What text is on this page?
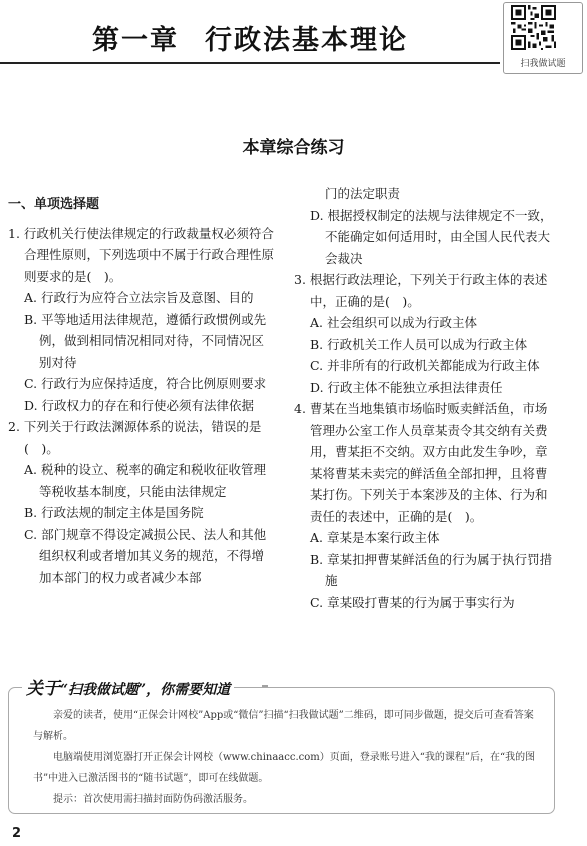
第一章 行政法基本理论
扫我做试题
本章综合练习
一、单项选择题

1. 行政机关行使法律规定的行政裁量权必须符合合理性原则，下列选项中不属于行政合理性原则要求的是(　)。

A. 行政行为应符合立法宗旨及意图、目的

B. 平等地适用法律规范，遵循行政惯例或先例，做到相同情况相同对待，不同情况区别对待

C. 行政行为应保持适度，符合比例原则要求

D. 行政权力的存在和行使必须有法律依据

2. 下列关于行政法渊源体系的说法，错误的是(　)。

A. 税种的设立、税率的确定和税收征收管理等税收基本制度，只能由法律规定

B. 行政法规的制定主体是国务院

C. 部门规章不得设定减损公民、法人和其他组织权利或者增加其义务的规范，不得增加本部门的权力或者减少本部

门的法定职责

D. 根据授权制定的法规与法律规定不一致，不能确定如何适用时，由全国人民代表大会裁决

3. 根据行政法理论，下列关于行政主体的表述中，正确的是(　)。

A. 社会组织可以成为行政主体

B. 行政机关工作人员可以成为行政主体

C. 并非所有的行政机关都能成为行政主体

D. 行政主体不能独立承担法律责任

4. 曹某在当地集镇市场临时贩卖鲜活鱼，市场管理办公室工作人员章某责令其交纳有关费用，曹某拒不交纳。双方由此发生争吵，章某将曹某未卖完的鲜活鱼全部扣押，且将曹某打伤。下列关于本案涉及的主体、行为和责任的表述中，正确的是(　)。

A. 章某是本案行政主体

B. 章某扣押曹某鲜活鱼的行为属于执行罚措施

C. 章某殴打曹某的行为属于事实行为

关于“扫我做试题”，你需要知道

亲爱的读者，使用“正保会计网校”App或“微信”扫描“扫我做试题”二维码，即可同步做题，提交后可查看答案与解析。

电脑端使用浏览器打开正保会计网校（www.chinaacc.com）页面，登录账号进入“我的课程”后，在“我的图书”中进入已激活图书的“随书试题”，即可在线做题。

提示：首次使用需扫描封面防伪码激活服务。

2
